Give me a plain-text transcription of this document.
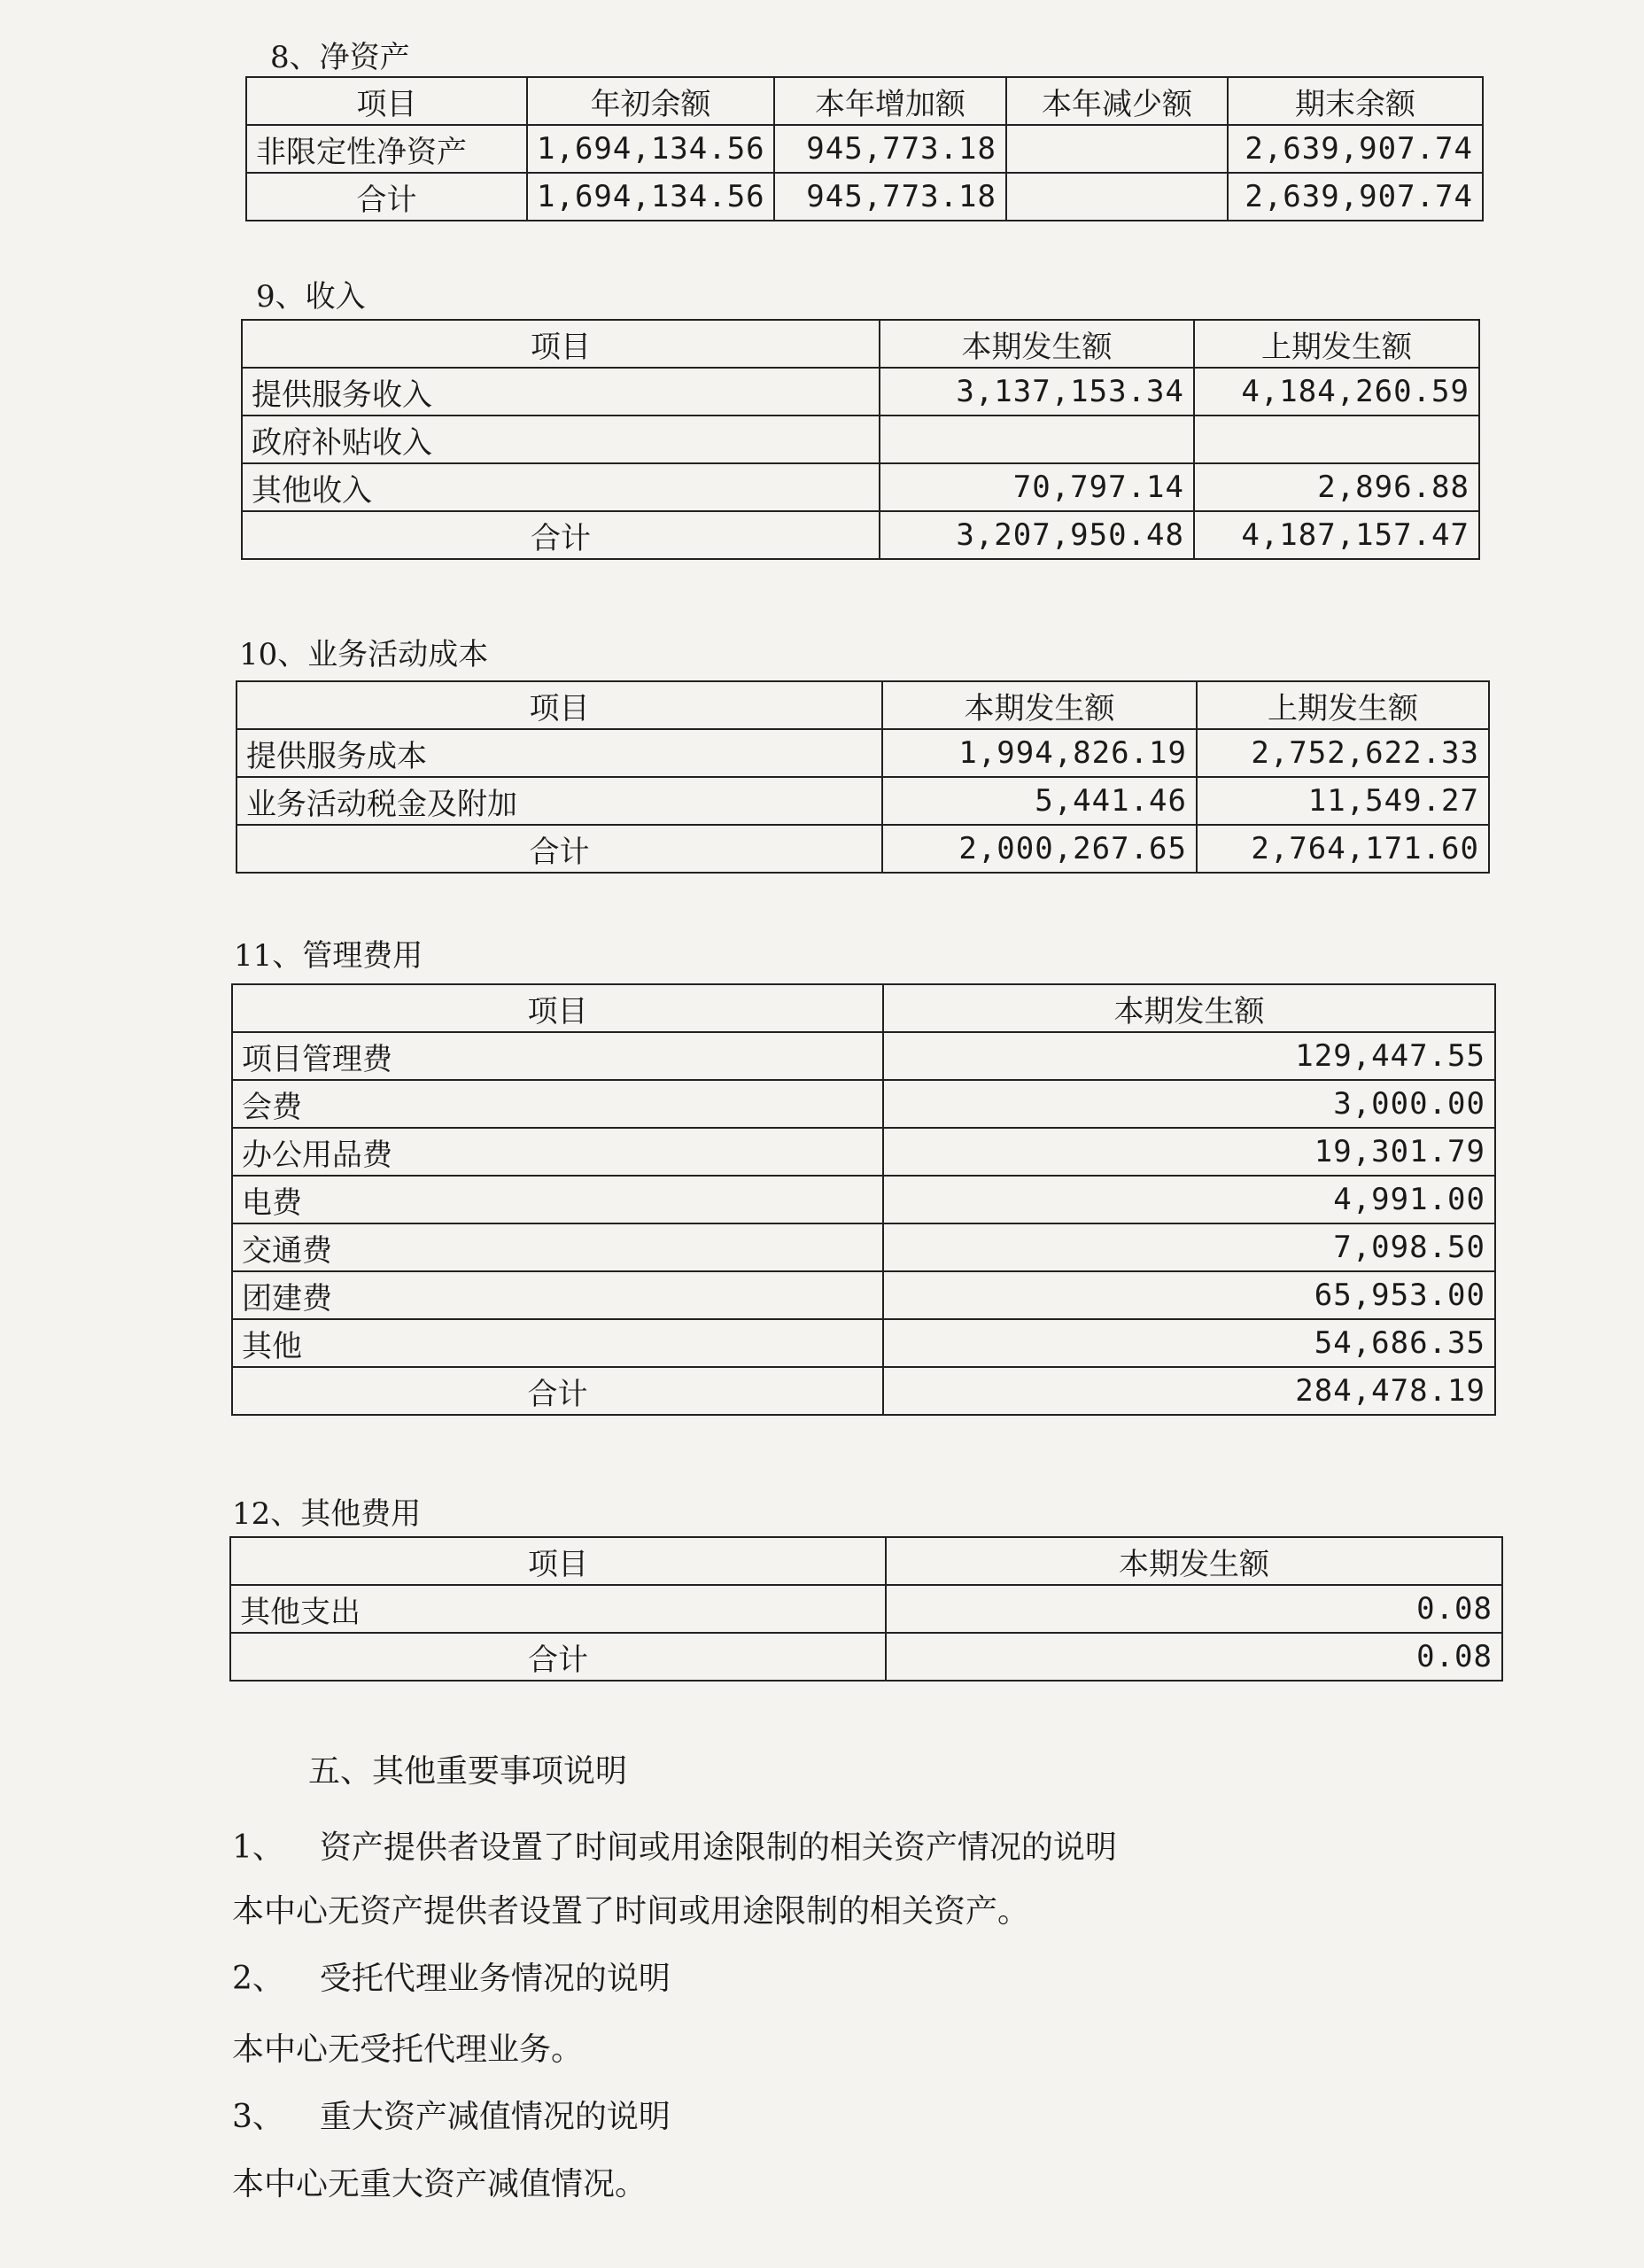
8、净资产
项目	年初余额	本年增加额	本年减少额	期末余额
非限定性净资产	1,694,134.56	945,773.18		2,639,907.74
合计	1,694,134.56	945,773.18		2,639,907.74
9、收入
项目	本期发生额	上期发生额
提供服务收入	3,137,153.34	4,184,260.59
政府补贴收入		
其他收入	70,797.14	2,896.88
合计	3,207,950.48	4,187,157.47
10、业务活动成本
项目	本期发生额	上期发生额
提供服务成本	1,994,826.19	2,752,622.33
业务活动税金及附加	5,441.46	11,549.27
合计	2,000,267.65	2,764,171.60
11、管理费用
项目	本期发生额
项目管理费	129,447.55
会费	3,000.00
办公用品费	19,301.79
电费	4,991.00
交通费	7,098.50
团建费	65,953.00
其他	54,686.35
合计	284,478.19
12、其他费用
项目	本期发生额
其他支出	0.08
合计	0.08
五、其他重要事项说明
1、 资产提供者设置了时间或用途限制的相关资产情况的说明
本中心无资产提供者设置了时间或用途限制的相关资产。
2、 受托代理业务情况的说明
本中心无受托代理业务。
3、 重大资产减值情况的说明
本中心无重大资产减值情况。
